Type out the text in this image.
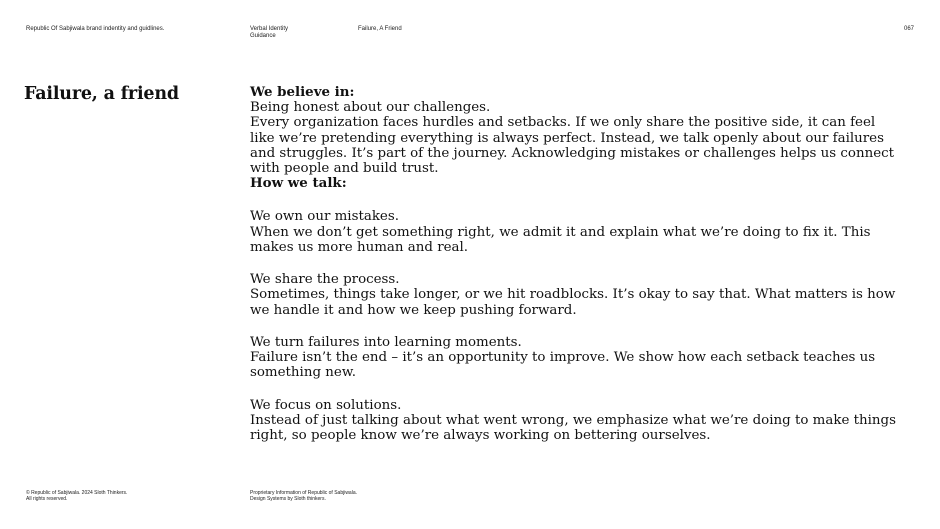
Republic Of Sabjiwala brand indentity and guidlines.	Verbal Identity
Guidance
Failure, A Friend	067
Failure, a friend	We believe in:

Being honest about our challenges.

Every organization faces hurdles and setbacks. If we only share the positive side, it can feel like we’re pretending everything is always perfect. Instead, we talk openly about our failures and struggles. It’s part of the journey. Acknowledging mistakes or challenges helps us connect with people and build trust.

How we talk:

We own our mistakes.

When we don’t get something right, we admit it and explain what we’re doing to fix it. This makes us more human and real.

We share the process.

Sometimes, things take longer, or we hit roadblocks. It’s okay to say that. What matters is how we handle it and how we keep pushing forward.

We turn failures into learning moments.

Failure isn’t the end – it’s an opportunity to improve. We show how each setback teaches us something new.

We focus on solutions.

Instead of just talking about what went wrong, we emphasize what we’re doing to make things right, so people know we’re always working on bettering ourselves.

© Republic of Sabjiwala. 2024 Sloth Thinkers.
All rights reserved.
Proprietary Information of Republic of Sabjiwala.
Design Systems by Sloth thinkers.
